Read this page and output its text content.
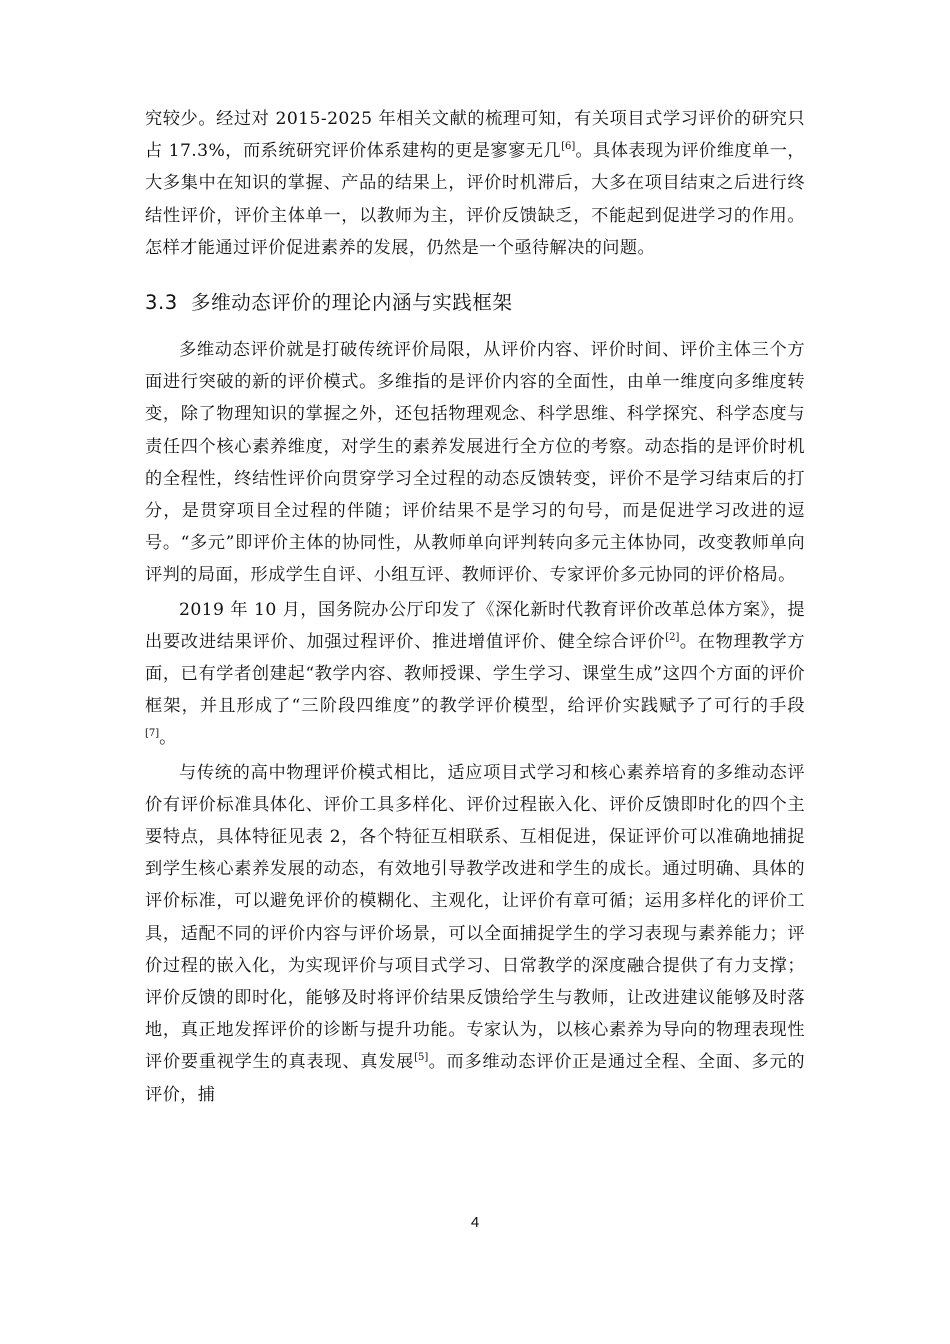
究较少。经过对 2015-2025 年相关文献的梳理可知，有关项目式学习评价的研究只占 17.3%，而系统研究评价体系建构的更是寥寥无几[6]。具体表现为评价维度单一，大多集中在知识的掌握、产品的结果上，评价时机滞后，大多在项目结束之后进行终结性评价，评价主体单一，以教师为主，评价反馈缺乏，不能起到促进学习的作用。怎样才能通过评价促进素养的发展，仍然是一个亟待解决的问题。

3.3 多维动态评价的理论内涵与实践框架

多维动态评价就是打破传统评价局限，从评价内容、评价时间、评价主体三个方面进行突破的新的评价模式。多维指的是评价内容的全面性，由单一维度向多维度转变，除了物理知识的掌握之外，还包括物理观念、科学思维、科学探究、科学态度与责任四个核心素养维度，对学生的素养发展进行全方位的考察。动态指的是评价时机的全程性，终结性评价向贯穿学习全过程的动态反馈转变，评价不是学习结束后的打分，是贯穿项目全过程的伴随；评价结果不是学习的句号，而是促进学习改进的逗号。“多元”即评价主体的协同性，从教师单向评判转向多元主体协同，改变教师单向评判的局面，形成学生自评、小组互评、教师评价、专家评价多元协同的评价格局。

2019 年 10 月，国务院办公厅印发了《深化新时代教育评价改革总体方案》，提出要改进结果评价、加强过程评价、推进增值评价、健全综合评价[2]。在物理教学方面，已有学者创建起“教学内容、教师授课、学生学习、课堂生成”这四个方面的评价框架，并且形成了“三阶段四维度”的教学评价模型，给评价实践赋予了可行的手段[7]。

与传统的高中物理评价模式相比，适应项目式学习和核心素养培育的多维动态评价有评价标准具体化、评价工具多样化、评价过程嵌入化、评价反馈即时化的四个主要特点，具体特征见表 2，各个特征互相联系、互相促进，保证评价可以准确地捕捉到学生核心素养发展的动态，有效地引导教学改进和学生的成长。通过明确、具体的评价标准，可以避免评价的模糊化、主观化，让评价有章可循；运用多样化的评价工具，适配不同的评价内容与评价场景，可以全面捕捉学生的学习表现与素养能力；评价过程的嵌入化，为实现评价与项目式学习、日常教学的深度融合提供了有力支撑；评价反馈的即时化，能够及时将评价结果反馈给学生与教师，让改进建议能够及时落地，真正地发挥评价的诊断与提升功能。专家认为，以核心素养为导向的物理表现性评价要重视学生的真表现、真发展[5]。而多维动态评价正是通过全程、全面、多元的评价，捕

4
